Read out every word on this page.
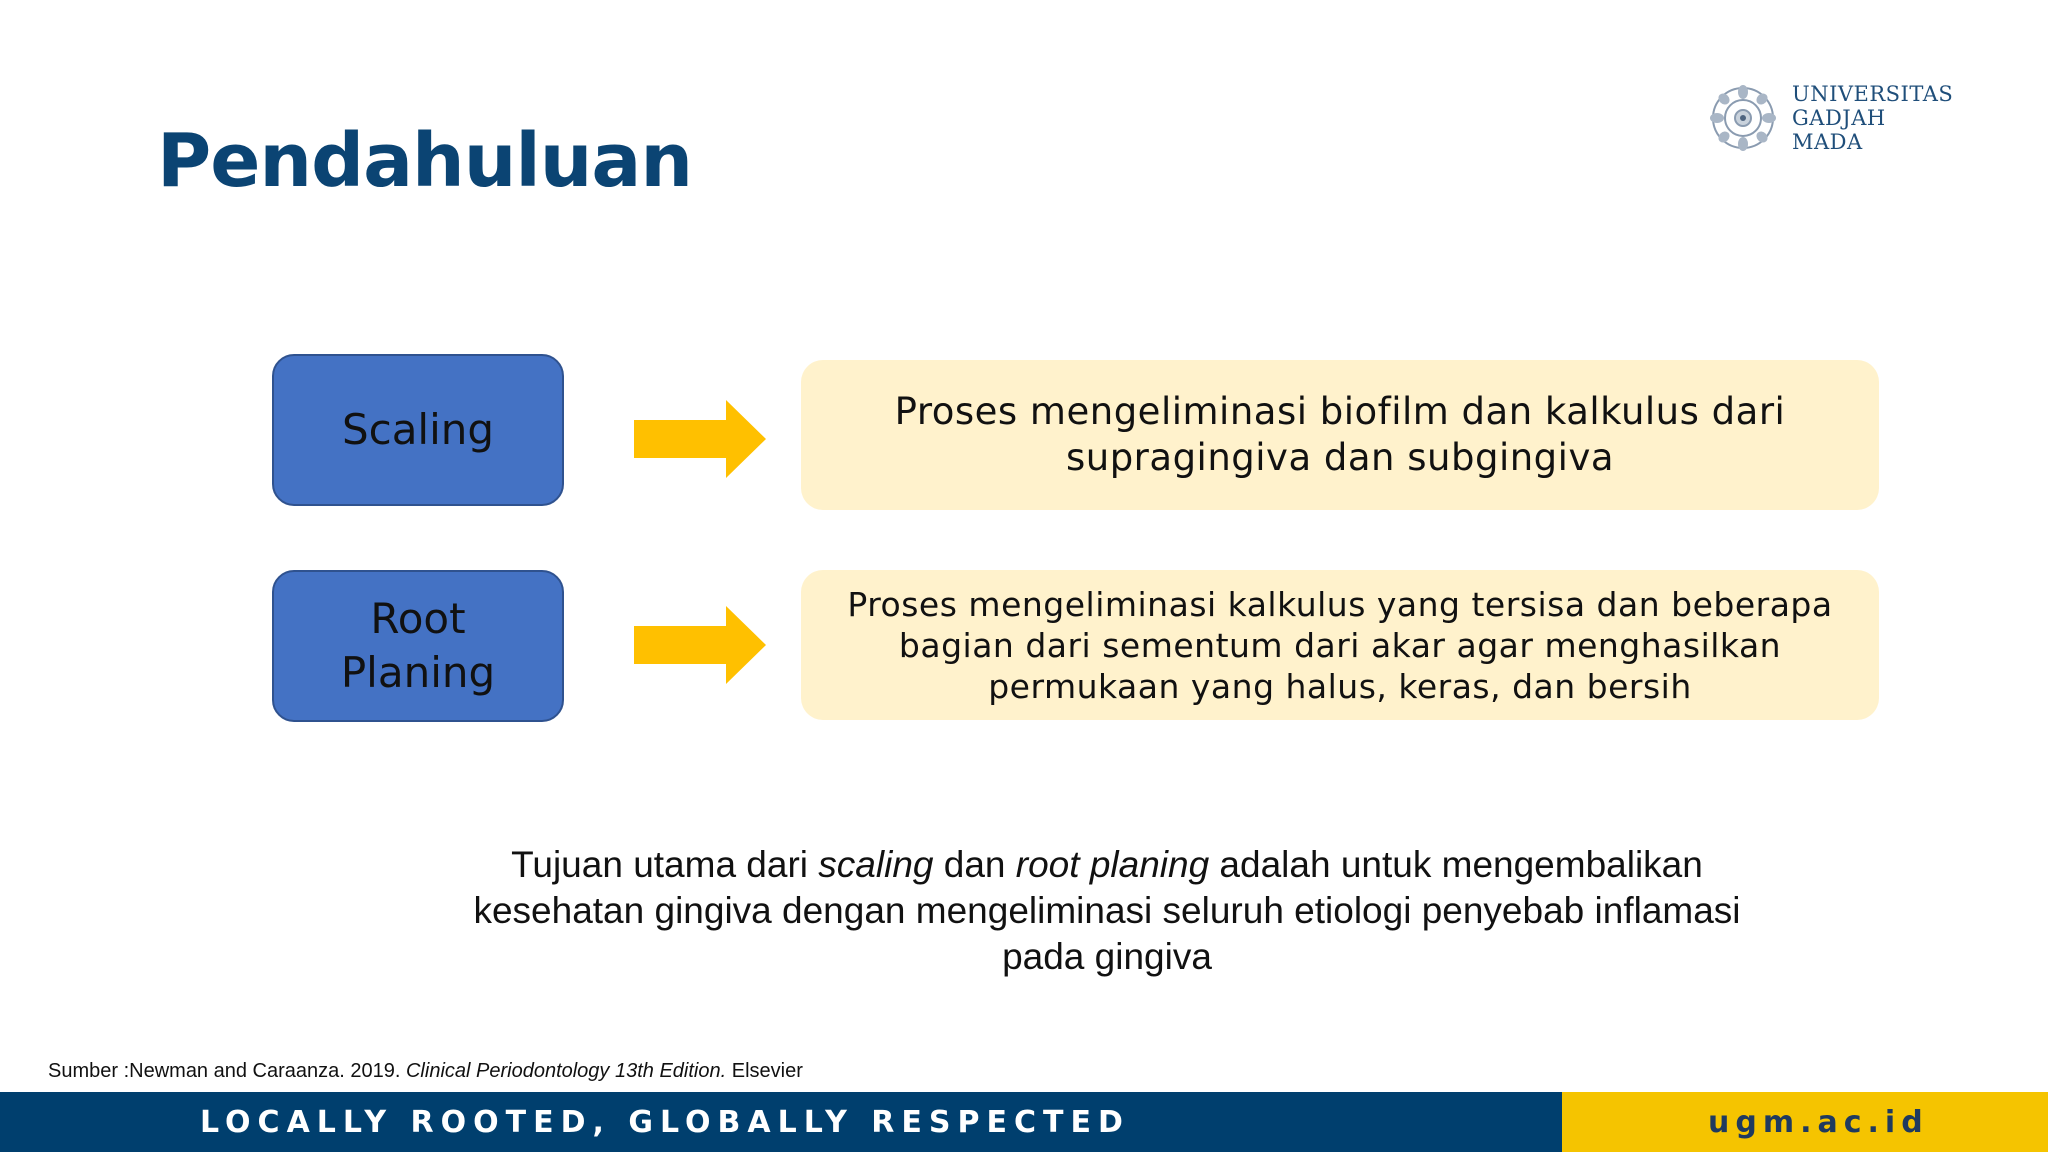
Pendahuluan
UNIVERSITAS
GADJAH MADA
Scaling	Proses mengeliminasi biofilm dan kalkulus dari supragingiva dan subgingiva
Root
Planing
Proses mengeliminasi kalkulus yang tersisa dan beberapa bagian dari sementum dari akar agar menghasilkan permukaan yang halus, keras, dan bersih
Tujuan utama dari scaling dan root planing adalah untuk mengembalikan kesehatan gingiva dengan mengeliminasi seluruh etiologi penyebab inflamasi pada gingiva
Sumber :Newman and Caraanza. 2019. Clinical Periodontology 13th Edition. Elsevier
LOCALLY ROOTED, GLOBALLY RESPECTED	ugm.ac.id
